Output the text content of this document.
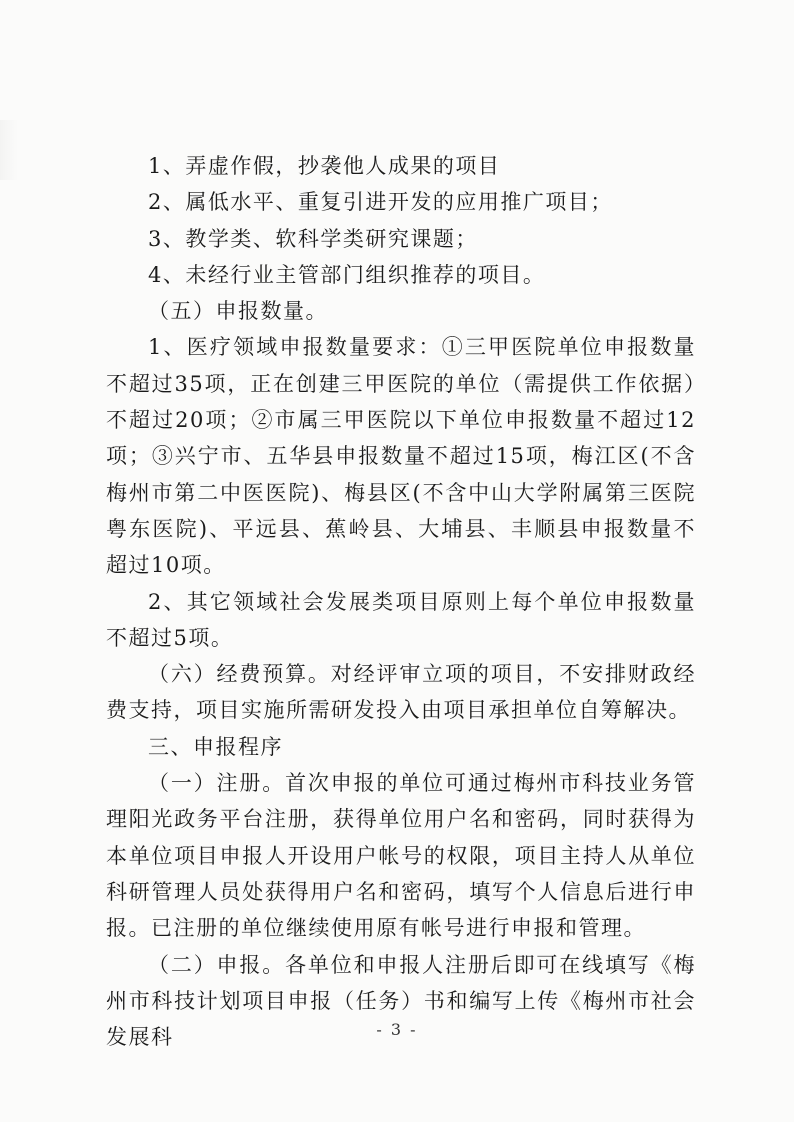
1、弄虚作假，抄袭他人成果的项目

2、属低水平、重复引进开发的应用推广项目；

3、教学类、软科学类研究课题；

4、未经行业主管部门组织推荐的项目。

（五）申报数量。

1、医疗领域申报数量要求：①三甲医院单位申报数量不超过35项，正在创建三甲医院的单位（需提供工作依据）不超过20项；②市属三甲医院以下单位申报数量不超过12项；③兴宁市、五华县申报数量不超过15项，梅江区(不含梅州市第二中医医院)、梅县区(不含中山大学附属第三医院粤东医院)、平远县、蕉岭县、大埔县、丰顺县申报数量不超过10项。

2、其它领域社会发展类项目原则上每个单位申报数量不超过5项。

（六）经费预算。对经评审立项的项目，不安排财政经费支持，项目实施所需研发投入由项目承担单位自筹解决。

三、申报程序

（一）注册。首次申报的单位可通过梅州市科技业务管理阳光政务平台注册，获得单位用户名和密码，同时获得为本单位项目申报人开设用户帐号的权限，项目主持人从单位科研管理人员处获得用户名和密码，填写个人信息后进行申报。已注册的单位继续使用原有帐号进行申报和管理。

（二）申报。各单位和申报人注册后即可在线填写《梅州市科技计划项目申报（任务）书和编写上传《梅州市社会发展科	- 3 -
